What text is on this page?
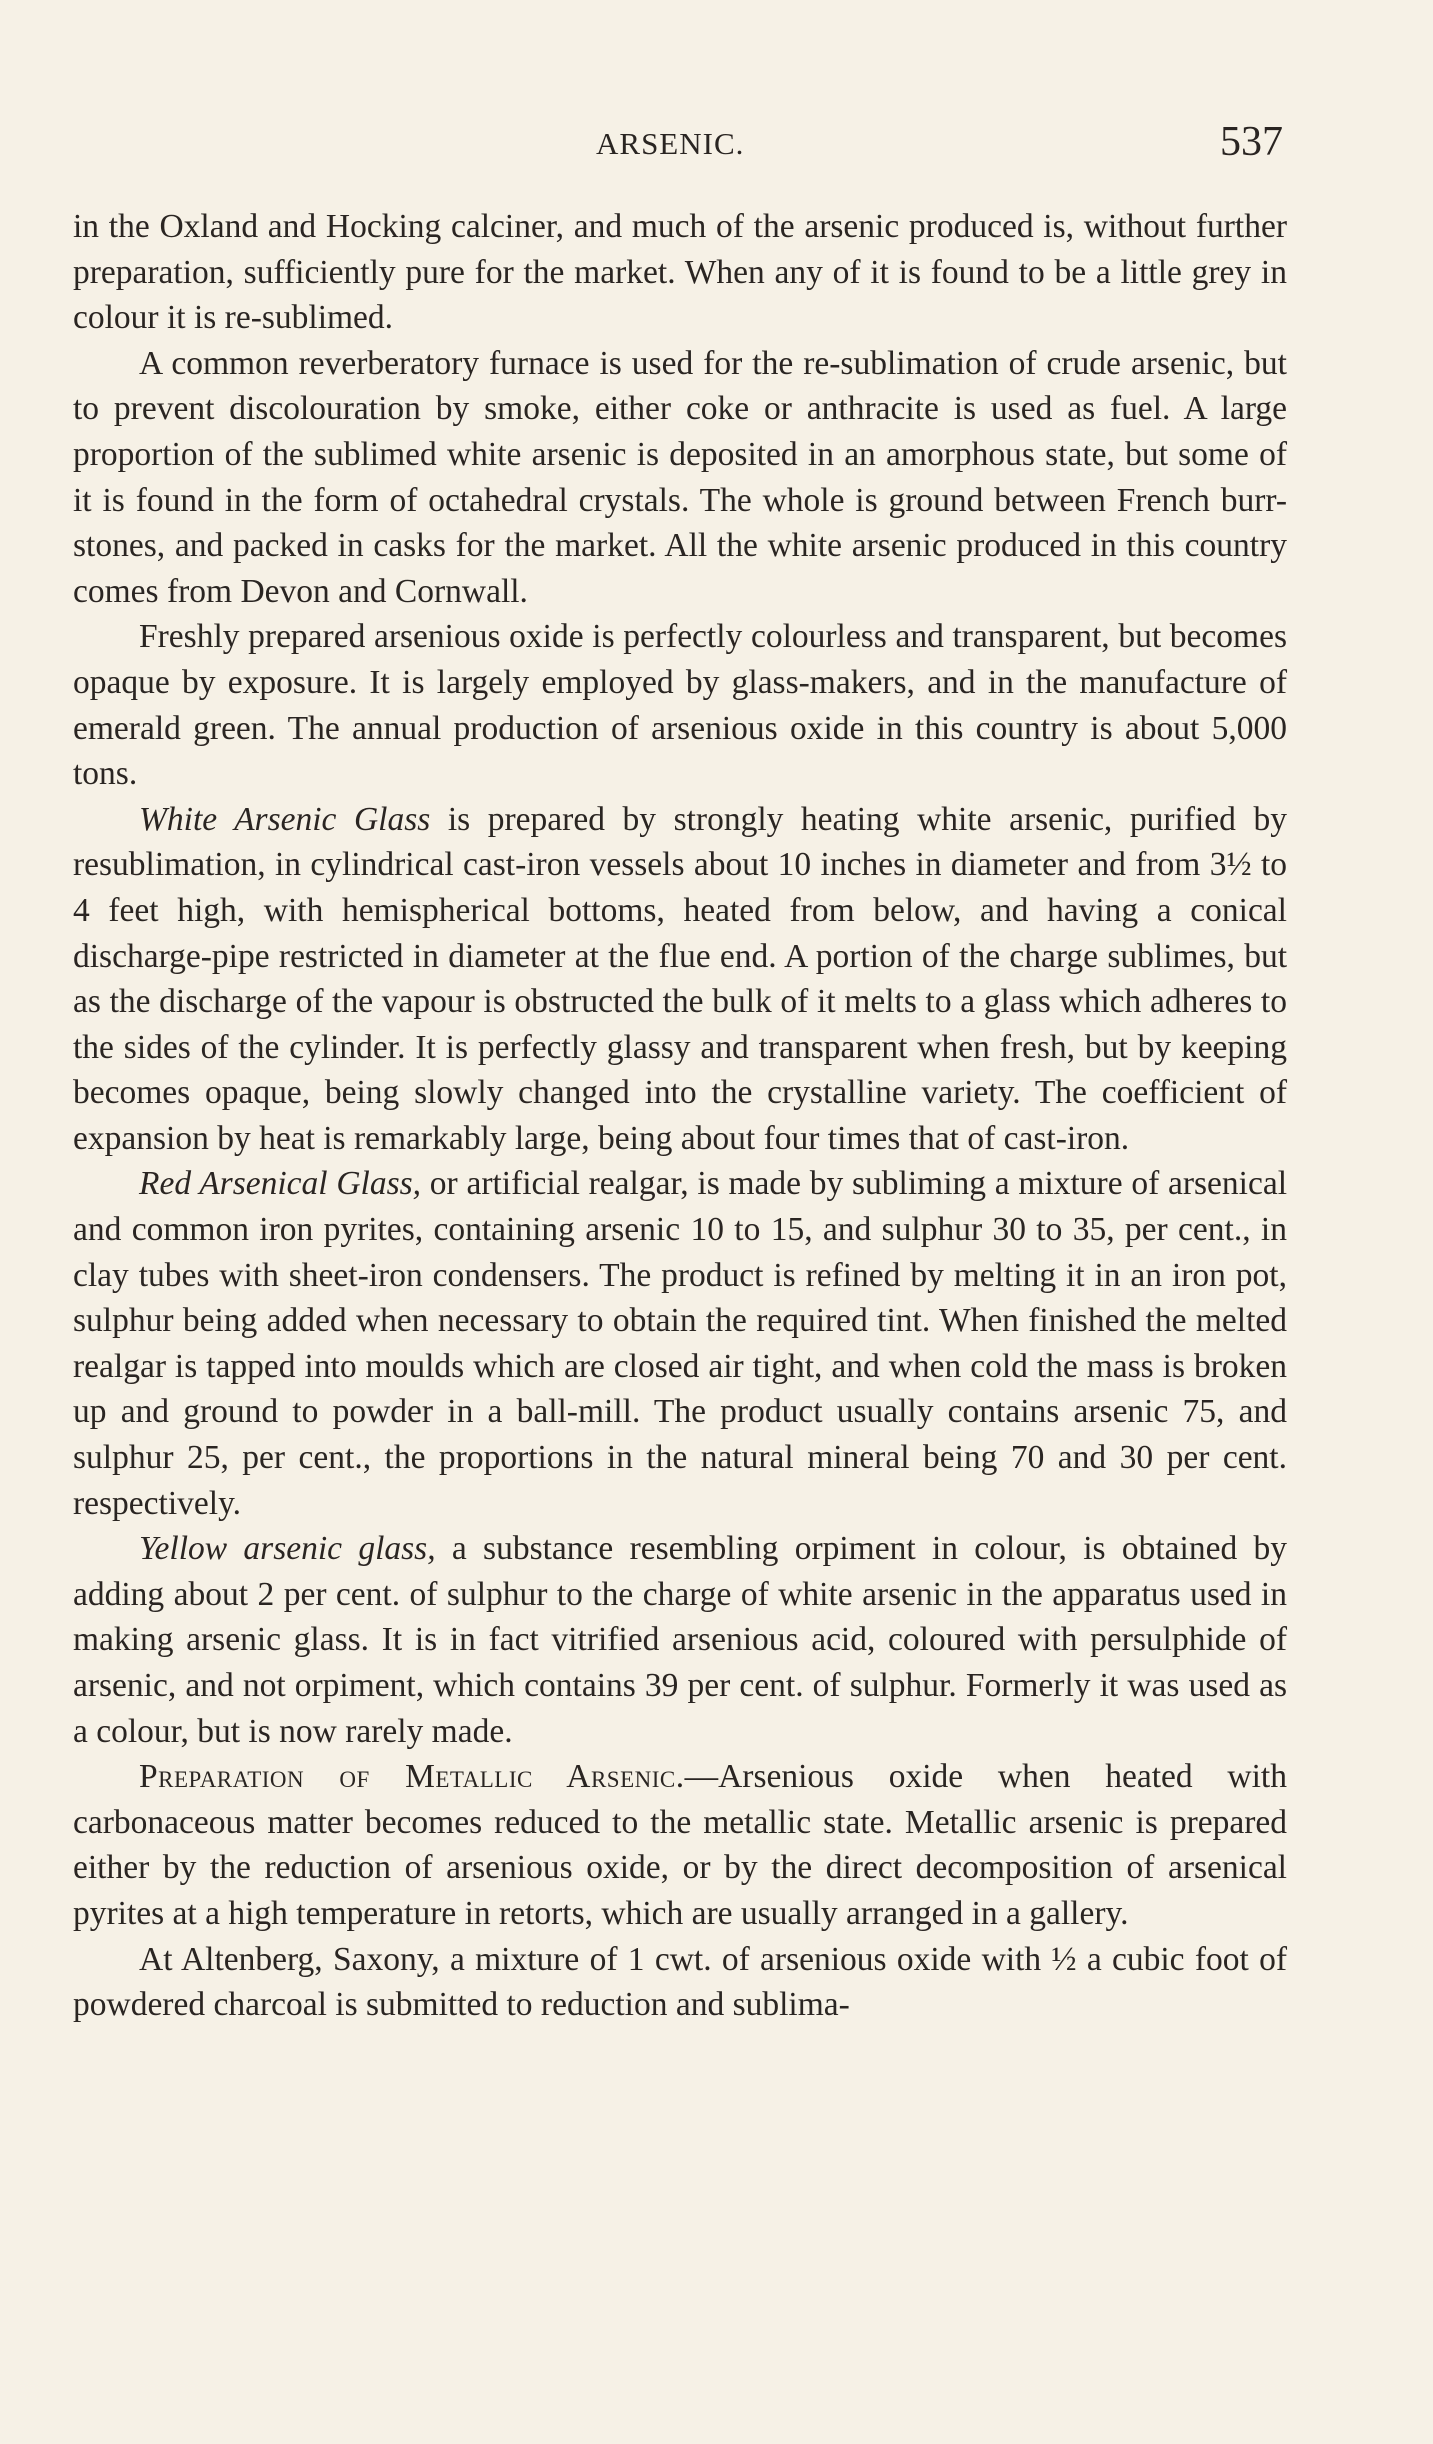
ARSENIC.	537

in the Oxland and Hocking calciner, and much of the arsenic produced is, without further preparation, sufficiently pure for the market. When any of it is found to be a little grey in colour it is re-sublimed.

A common reverberatory furnace is used for the re-sublimation of crude arsenic, but to prevent discolouration by smoke, either coke or anthracite is used as fuel. A large proportion of the sublimed white arsenic is deposited in an amorphous state, but some of it is found in the form of octahedral crystals. The whole is ground between French burr-stones, and packed in casks for the market. All the white arsenic produced in this country comes from Devon and Cornwall.

Freshly prepared arsenious oxide is perfectly colourless and transparent, but becomes opaque by exposure. It is largely employed by glass-makers, and in the manufacture of emerald green. The annual production of arsenious oxide in this country is about 5,000 tons.

White Arsenic Glass is prepared by strongly heating white arsenic, purified by resublimation, in cylindrical cast-iron vessels about 10 inches in diameter and from 3½ to 4 feet high, with hemispherical bottoms, heated from below, and having a conical discharge-pipe restricted in diameter at the flue end. A portion of the charge sublimes, but as the discharge of the vapour is obstructed the bulk of it melts to a glass which adheres to the sides of the cylinder. It is perfectly glassy and transparent when fresh, but by keeping becomes opaque, being slowly changed into the crystalline variety. The coefficient of expansion by heat is remarkably large, being about four times that of cast-iron.

Red Arsenical Glass, or artificial realgar, is made by subliming a mixture of arsenical and common iron pyrites, containing arsenic 10 to 15, and sulphur 30 to 35, per cent., in clay tubes with sheet-iron condensers. The product is refined by melting it in an iron pot, sulphur being added when necessary to obtain the required tint. When finished the melted realgar is tapped into moulds which are closed air tight, and when cold the mass is broken up and ground to powder in a ball-mill. The product usually contains arsenic 75, and sulphur 25, per cent., the proportions in the natural mineral being 70 and 30 per cent. respectively.

Yellow arsenic glass, a substance resembling orpiment in colour, is obtained by adding about 2 per cent. of sulphur to the charge of white arsenic in the apparatus used in making arsenic glass. It is in fact vitrified arsenious acid, coloured with persulphide of arsenic, and not orpiment, which contains 39 per cent. of sulphur. Formerly it was used as a colour, but is now rarely made.

Preparation of Metallic Arsenic.—Arsenious oxide when heated with carbonaceous matter becomes reduced to the metallic state. Metallic arsenic is prepared either by the reduction of arsenious oxide, or by the direct decomposition of arsenical pyrites at a high temperature in retorts, which are usually arranged in a gallery.

At Altenberg, Saxony, a mixture of 1 cwt. of arsenious oxide with ½ a cubic foot of powdered charcoal is submitted to reduction and sublima-
